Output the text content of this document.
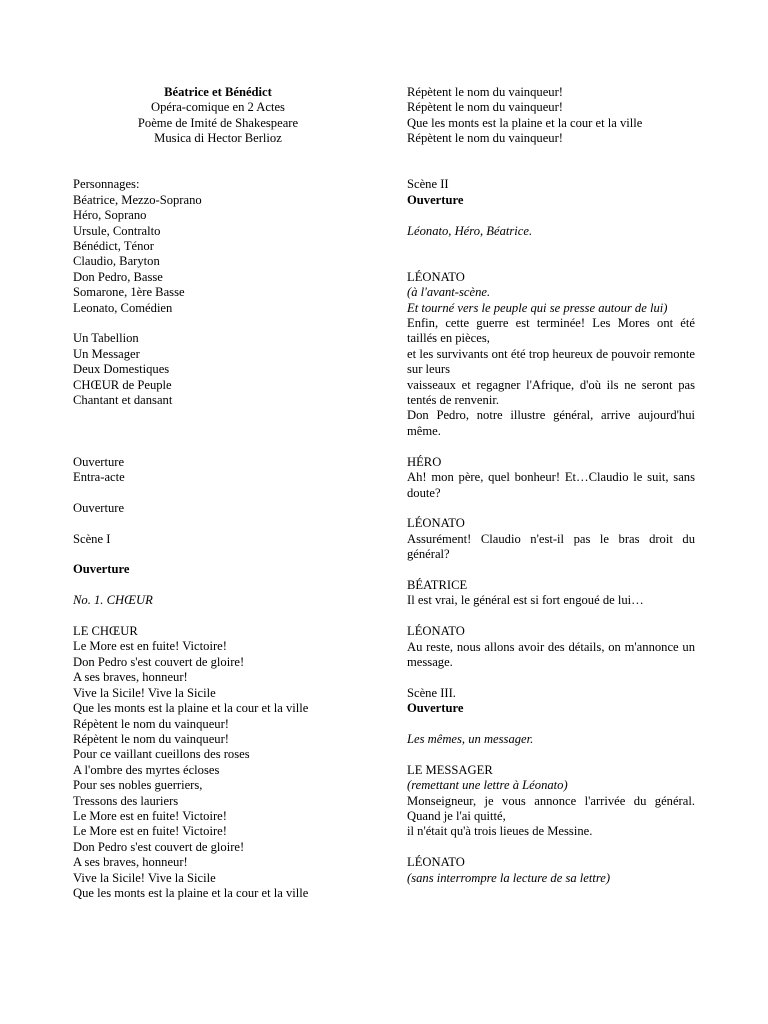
Béatrice et Bénédict
Opéra-comique en 2 Actes
Poème de Imité de Shakespeare
Musica di Hector Berlioz
Personnages:
Béatrice, Mezzo-Soprano
Héro, Soprano
Ursule, Contralto
Bénédict, Ténor
Claudio, Baryton
Don Pedro, Basse
Somarone, 1ère Basse
Leonato, Comédien
Un Tabellion
Un Messager
Deux Domestiques
CHŒUR de Peuple
Chantant et dansant
Ouverture
Entra-acte
Ouverture
Scène I
Ouverture
No. 1. CHŒUR
LE CHŒUR
Le More est en fuite! Victoire!
Don Pedro s'est couvert de gloire!
A ses braves, honneur!
Vive la Sicile! Vive la Sicile
Que les monts est la plaine et la cour et la ville
Répètent le nom du vainqueur!
Répètent le nom du vainqueur!
Pour ce vaillant cueillons des roses
A l'ombre des myrtes écloses
Pour ses nobles guerriers,
Tressons des lauriers
Le More est en fuite! Victoire!
Le More est en fuite! Victoire!
Don Pedro s'est couvert de gloire!
A ses braves, honneur!
Vive la Sicile! Vive la Sicile
Que les monts est la plaine et la cour et la ville
Répètent le nom du vainqueur!
Répètent le nom du vainqueur!
Que les monts est la plaine et la cour et la ville
Répètent le nom du vainqueur!
Scène II
Ouverture
Léonato, Héro, Béatrice.
LÉONATO
(à l'avant-scène.
Et tourné vers le peuple qui se presse autour de lui)
Enfin, cette guerre est terminée! Les Mores ont été taillés en pièces,
et les survivants ont été trop heureux de pouvoir remonte sur leurs
vaisseaux et regagner l'Afrique, d'où ils ne seront pas tentés de renvenir.
Don Pedro, notre illustre général, arrive aujourd'hui même.
HÉRO
Ah! mon père, quel bonheur! Et…Claudio le suit, sans doute?
LÉONATO
Assurément! Claudio n'est-il pas le bras droit du général?
BÉATRICE
Il est vrai, le général est si fort engoué de lui…
LÉONATO
Au reste, nous allons avoir des détails, on m'annonce un message.
Scène III.
Ouverture
Les mêmes, un messager.
LE MESSAGER
(remettant une lettre à Léonato)
Monseigneur, je vous annonce l'arrivée du général. Quand je l'ai quitté,
il n'était qu'à trois lieues de Messine.
LÉONATO
(sans interrompre la lecture de sa lettre)
